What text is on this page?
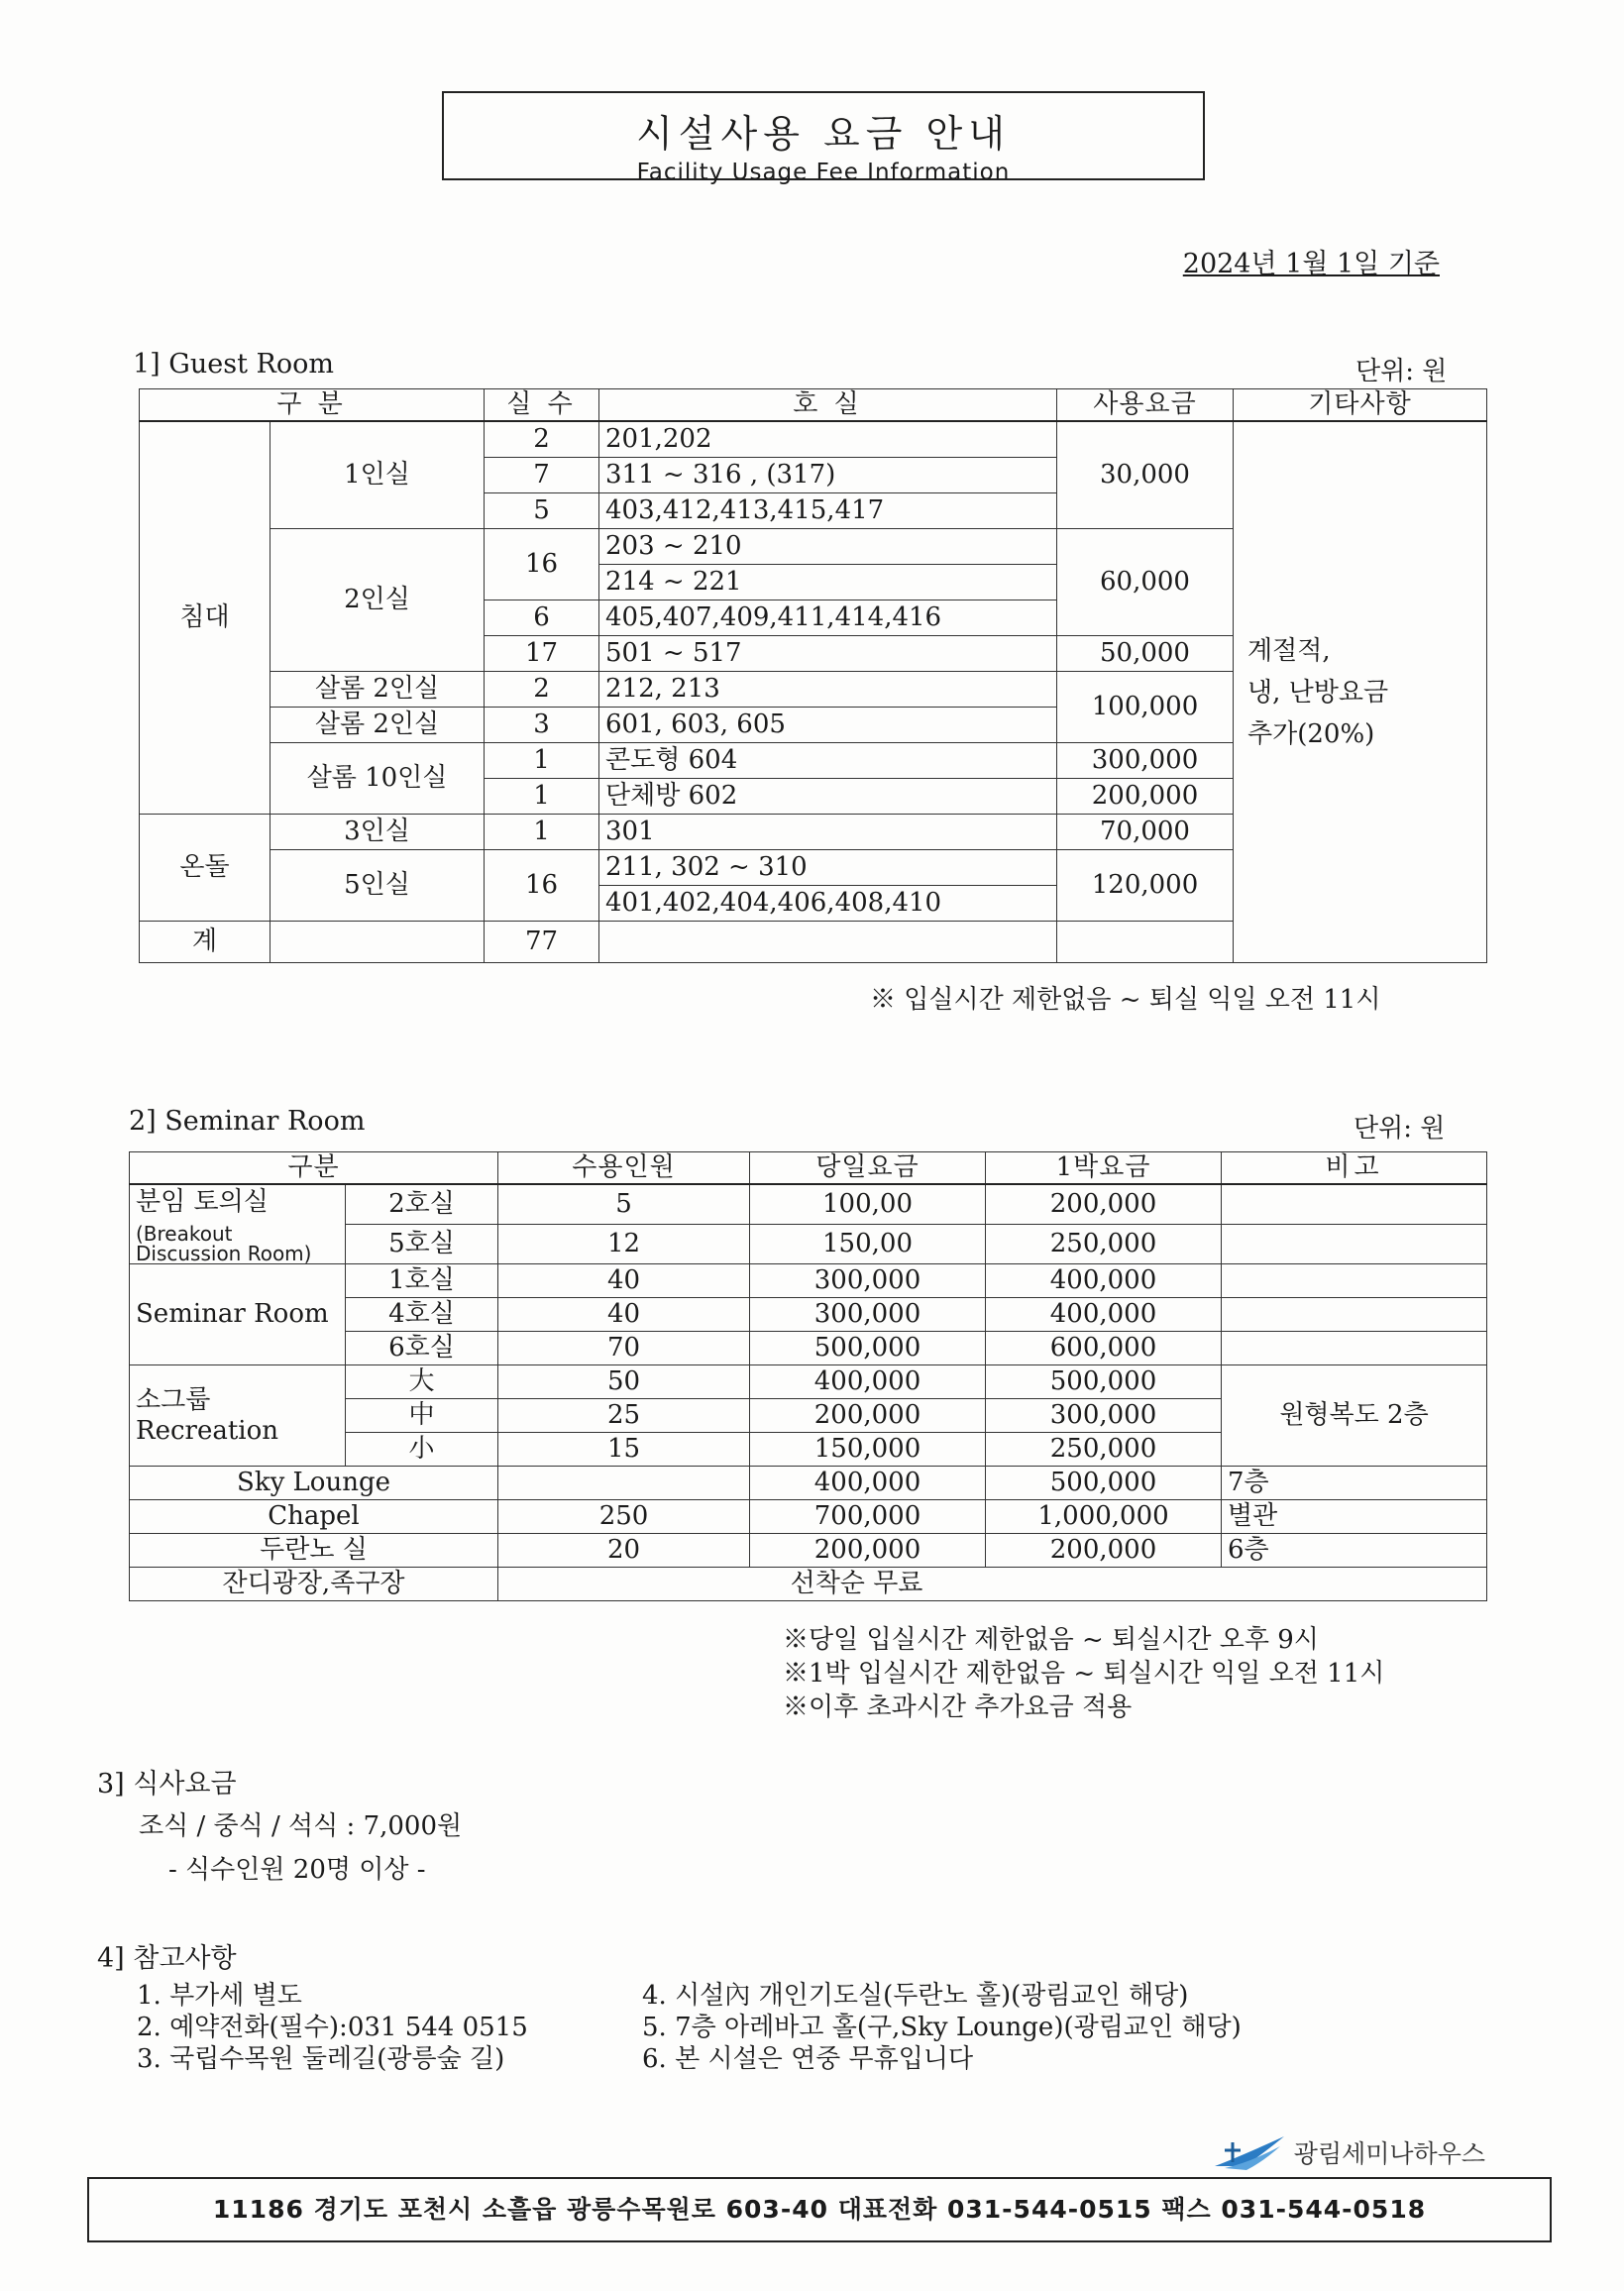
시설사용 요금 안내
Facility Usage Fee Information
2024년 1월 1일 기준
1] Guest Room	단위: 원
구 분		실 수	호 실	사용요금	기타사항
침대	1인실	2	201,202	30,000	계절적,
냉, 난방요금
추가(20%)

		7	311 ~ 316 , (317)		
		5	403,412,413,415,417		
	2인실	16	203 ~ 210	60,000	
			214 ~ 221		
		6	405,407,409,411,414,416		
		17	501 ~ 517	50,000	
	살롬 2인실	2	212, 213	100,000	
	살롬 2인실	3	601, 603, 605		
	살롬 10인실	1	콘도형 604	300,000	
		1	단체방 602	200,000	
온돌	3인실	1	301	70,000	
	5인실	16	211, 302 ~ 310	120,000	
			401,402,404,406,408,410		
계		77			
※ 입실시간 제한없음 ~ 퇴실 익일 오전 11시
2] Seminar Room	단위: 원
구분		수용인원	당일요금	1박요금	비고

분임 토의실
(Breakout Discussion Room)	2호실	5	100,00	200,000	
	5호실	12	150,00	250,000	
Seminar Room	1호실	40	300,000	400,000	
	4호실	40	300,000	400,000	
	6호실	70	500,000	600,000	
소그룹 Recreation	大	50	400,000	500,000	원형복도 2층
	中	25	200,000	300,000	
	小	15	150,000	250,000	
Sky Lounge			400,000	500,000	7층
Chapel		250	700,000	1,000,000	별관
두란노 실		20	200,000	200,000	6층
잔디광장,족구장		선착순 무료			
※당일 입실시간 제한없음 ~ 퇴실시간 오후 9시
※1박 입실시간 제한없음 ~ 퇴실시간 익일 오전 11시
※이후 초과시간 추가요금 적용
3] 식사요금
조식 / 중식 / 석식 : 7,000원
- 식수인원 20명 이상 -
4] 참고사항
1. 부가세 별도
2. 예약전화(필수):031 544 0515
3. 국립수목원 둘레길(광릉숲 길)
4. 시설內 개인기도실(두란노 홀)(광림교인 해당)
5. 7층 아레바고 홀(구,Sky Lounge)(광림교인 해당)
6. 본 시설은 연중 무휴입니다
광림세미나하우스
11186 경기도 포천시 소흘읍 광릉수목원로 603-40 대표전화 031-544-0515 팩스 031-544-0518
